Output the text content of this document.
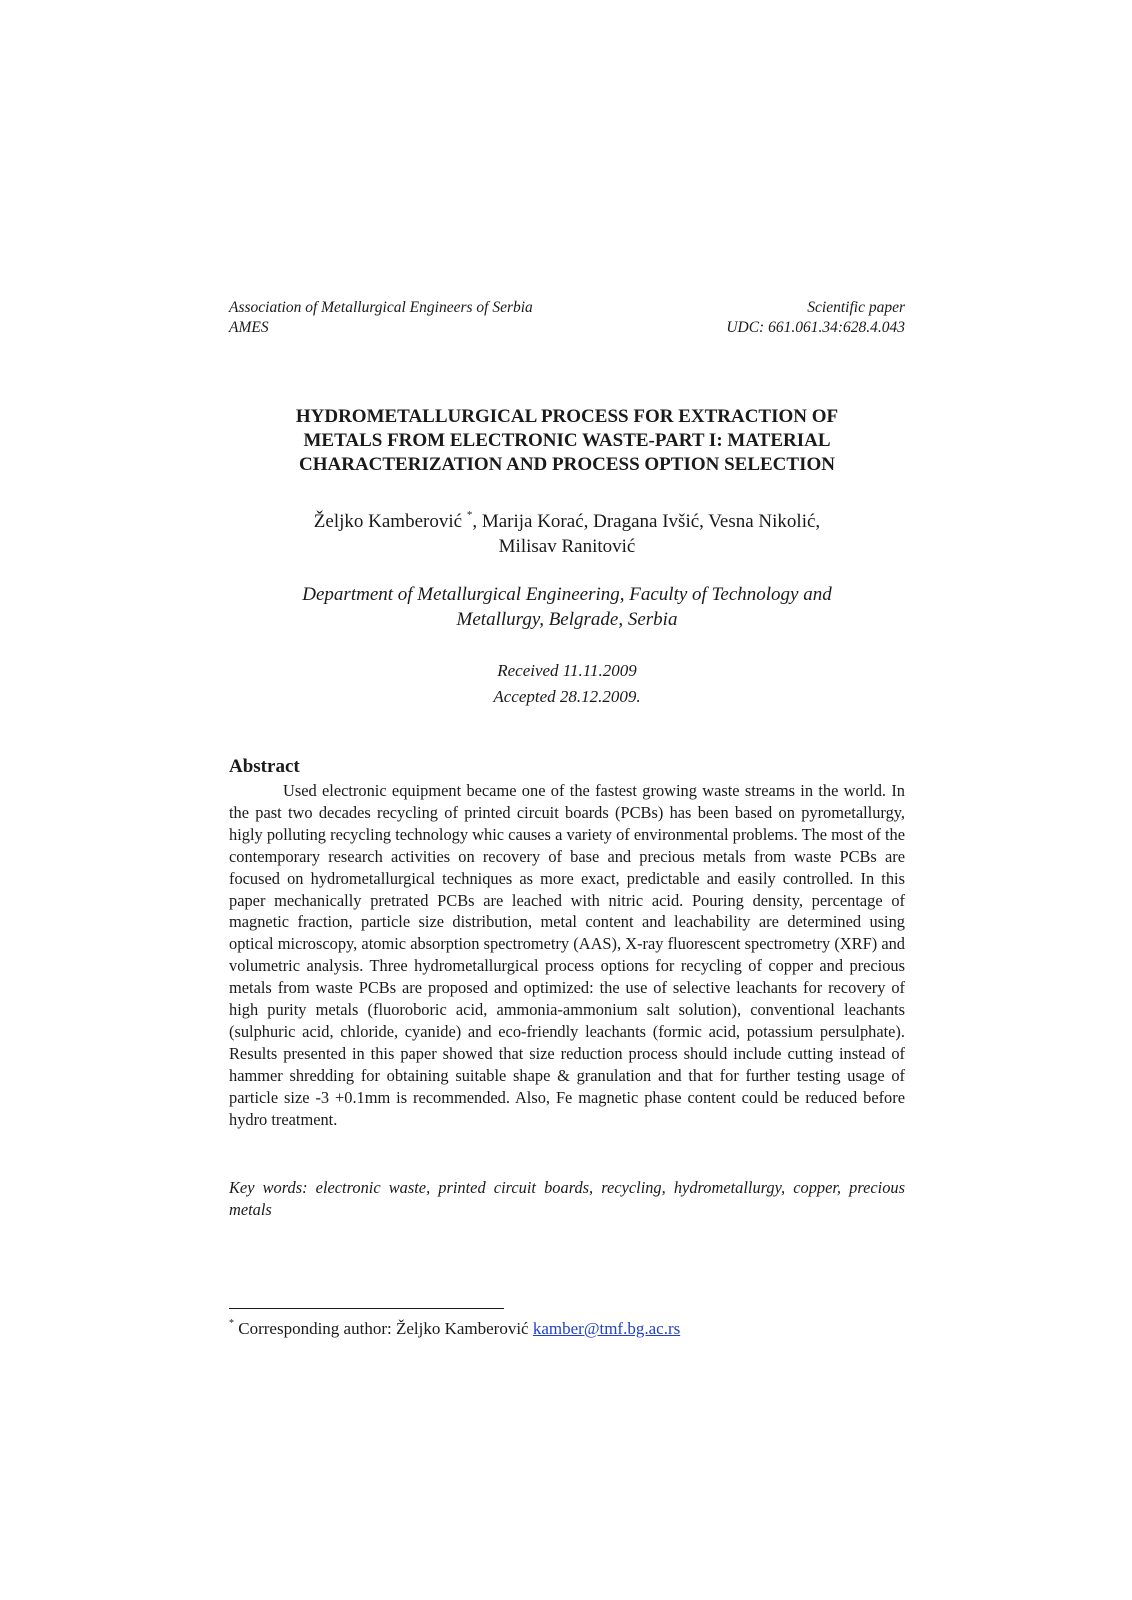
Association of Metallurgical Engineers of Serbia
AMES
Scientific paper
UDC: 661.061.34:628.4.043
HYDROMETALLURGICAL PROCESS FOR EXTRACTION OF
METALS FROM ELECTRONIC WASTE-PART I: MATERIAL
CHARACTERIZATION AND PROCESS OPTION SELECTION
Željko Kamberović *, Marija Korać, Dragana Ivšić, Vesna Nikolić,
Milisav Ranitović
Department of Metallurgical Engineering, Faculty of Technology and
Metallurgy, Belgrade, Serbia
Received 11.11.2009
Accepted 28.12.2009.
Abstract

Used electronic equipment became one of the fastest growing waste streams in the world. In the past two decades recycling of printed circuit boards (PCBs) has been based on pyrometallurgy, higly polluting recycling technology whic causes a variety of environmental problems. The most of the contemporary research activities on recovery of base and precious metals from waste PCBs are focused on hydrometallurgical techniques as more exact, predictable and easily controlled. In this paper mechanically pretrated PCBs are leached with nitric acid. Pouring density, percentage of magnetic fraction, particle size distribution, metal content and leachability are determined using optical microscopy, atomic absorption spectrometry (AAS), X-ray fluorescent spectrometry (XRF) and volumetric analysis. Three hydrometallurgical process options for recycling of copper and precious metals from waste PCBs are proposed and optimized: the use of selective leachants for recovery of high purity metals (fluoroboric acid, ammonia-ammonium salt solution), conventional leachants (sulphuric acid, chloride, cyanide) and eco-friendly leachants (formic acid, potassium persulphate). Results presented in this paper showed that size reduction process should include cutting instead of hammer shredding for obtaining suitable shape & granulation and that for further testing usage of particle size -3 +0.1mm is recommended. Also, Fe magnetic phase content could be reduced before hydro treatment.

Key words: electronic waste, printed circuit boards, recycling, hydrometallurgy, copper, precious metals

* Corresponding author: Željko Kamberović kamber@tmf.bg.ac.rs
